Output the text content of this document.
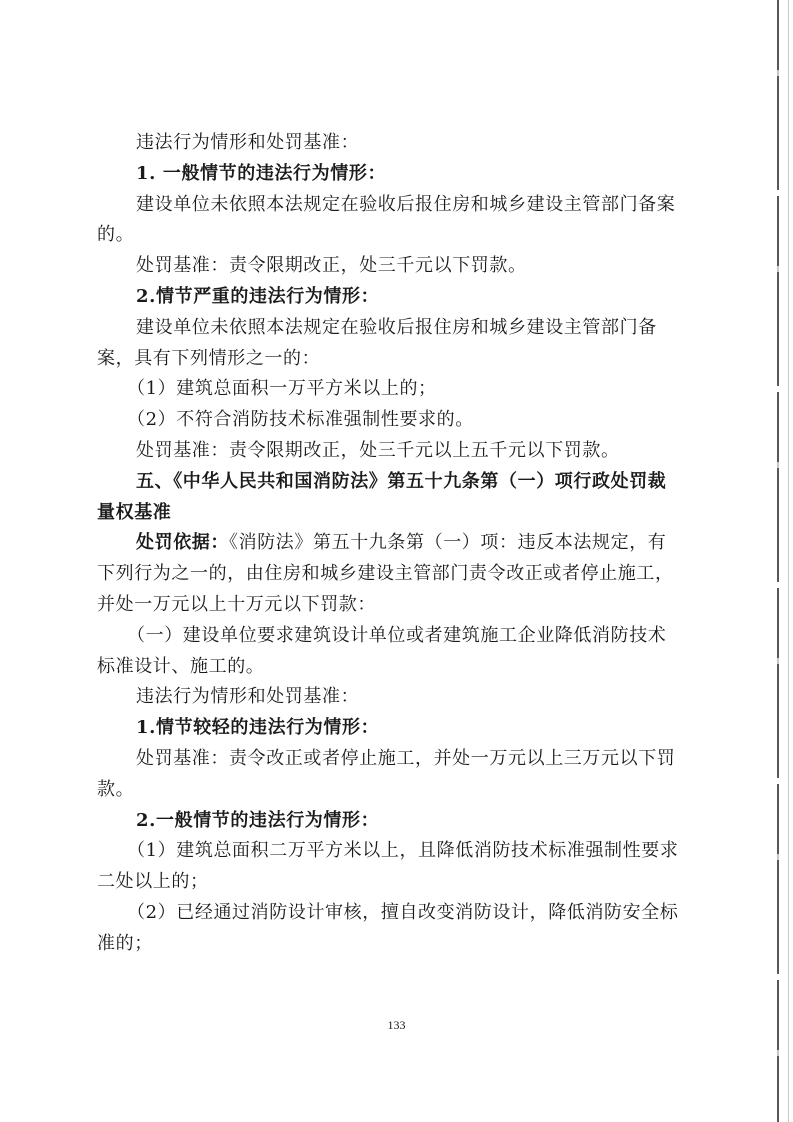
违法行为情形和处罚基准：
1. 一般情节的违法行为情形：
建设单位未依照本法规定在验收后报住房和城乡建设主管部门备案
的。
处罚基准：责令限期改正，处三千元以下罚款。
2.情节严重的违法行为情形：
建设单位未依照本法规定在验收后报住房和城乡建设主管部门备
案，具有下列情形之一的：
（1）建筑总面积一万平方米以上的；
（2）不符合消防技术标准强制性要求的。
处罚基准：责令限期改正，处三千元以上五千元以下罚款。
五、《中华人民共和国消防法》第五十九条第（一）项行政处罚裁
量权基准
处罚依据：《消防法》第五十九条第（一）项：违反本法规定，有
下列行为之一的，由住房和城乡建设主管部门责令改正或者停止施工，
并处一万元以上十万元以下罚款：
（一）建设单位要求建筑设计单位或者建筑施工企业降低消防技术
标准设计、施工的。
违法行为情形和处罚基准：
1.情节较轻的违法行为情形：
处罚基准：责令改正或者停止施工，并处一万元以上三万元以下罚
款。
2.一般情节的违法行为情形：
（1）建筑总面积二万平方米以上，且降低消防技术标准强制性要求
二处以上的；
（2）已经通过消防设计审核，擅自改变消防设计，降低消防安全标
准的；
133
